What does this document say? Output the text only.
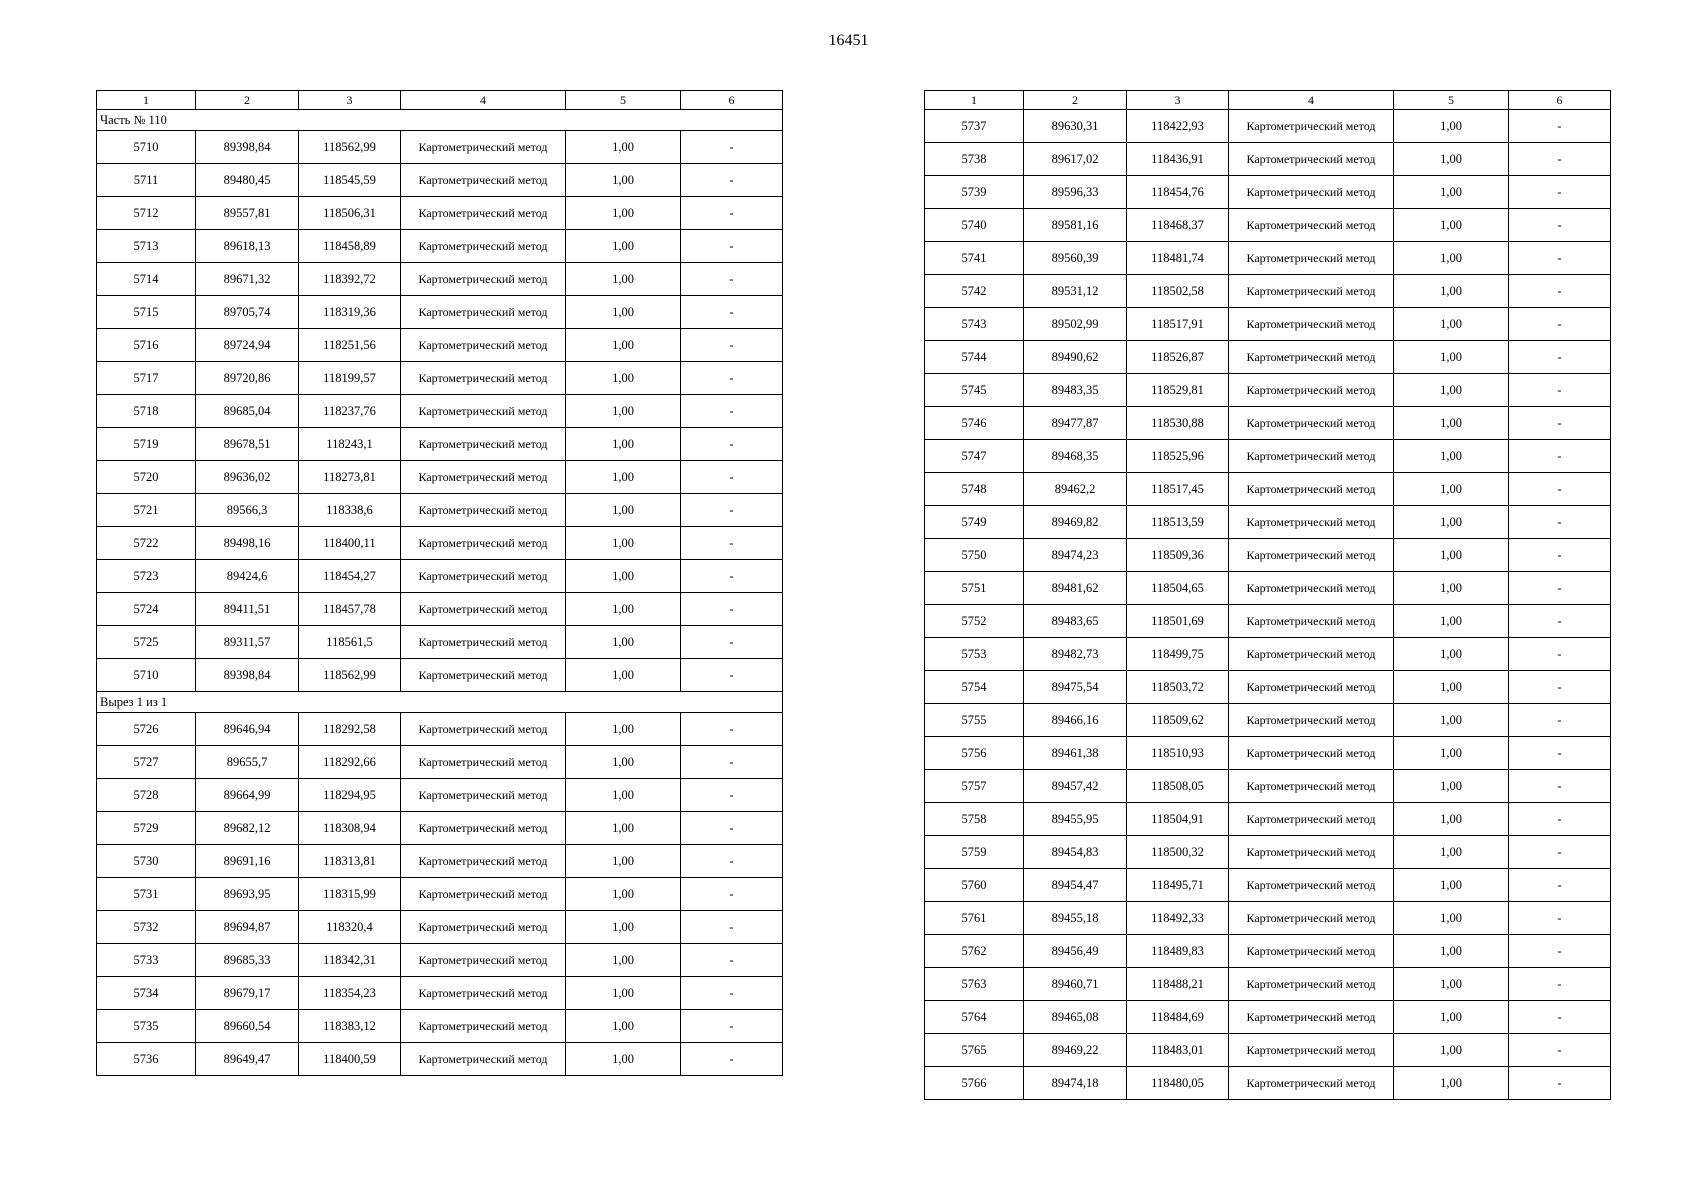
16451
1	2	3	4	5	6
Часть № 110					
5710	89398,84	118562,99	Картометрический метод	1,00	-
5711	89480,45	118545,59	Картометрический метод	1,00	-
5712	89557,81	118506,31	Картометрический метод	1,00	-
5713	89618,13	118458,89	Картометрический метод	1,00	-
5714	89671,32	118392,72	Картометрический метод	1,00	-
5715	89705,74	118319,36	Картометрический метод	1,00	-
5716	89724,94	118251,56	Картометрический метод	1,00	-
5717	89720,86	118199,57	Картометрический метод	1,00	-
5718	89685,04	118237,76	Картометрический метод	1,00	-
5719	89678,51	118243,1	Картометрический метод	1,00	-
5720	89636,02	118273,81	Картометрический метод	1,00	-
5721	89566,3	118338,6	Картометрический метод	1,00	-
5722	89498,16	118400,11	Картометрический метод	1,00	-
5723	89424,6	118454,27	Картометрический метод	1,00	-
5724	89411,51	118457,78	Картометрический метод	1,00	-
5725	89311,57	118561,5	Картометрический метод	1,00	-
5710	89398,84	118562,99	Картометрический метод	1,00	-
Вырез 1 из 1					
5726	89646,94	118292,58	Картометрический метод	1,00	-
5727	89655,7	118292,66	Картометрический метод	1,00	-
5728	89664,99	118294,95	Картометрический метод	1,00	-
5729	89682,12	118308,94	Картометрический метод	1,00	-
5730	89691,16	118313,81	Картометрический метод	1,00	-
5731	89693,95	118315,99	Картометрический метод	1,00	-
5732	89694,87	118320,4	Картометрический метод	1,00	-
5733	89685,33	118342,31	Картометрический метод	1,00	-
5734	89679,17	118354,23	Картометрический метод	1,00	-
5735	89660,54	118383,12	Картометрический метод	1,00	-
5736	89649,47	118400,59	Картометрический метод	1,00	-
1	2	3	4	5	6
5737	89630,31	118422,93	Картометрический метод	1,00	-
5738	89617,02	118436,91	Картометрический метод	1,00	-
5739	89596,33	118454,76	Картометрический метод	1,00	-
5740	89581,16	118468,37	Картометрический метод	1,00	-
5741	89560,39	118481,74	Картометрический метод	1,00	-
5742	89531,12	118502,58	Картометрический метод	1,00	-
5743	89502,99	118517,91	Картометрический метод	1,00	-
5744	89490,62	118526,87	Картометрический метод	1,00	-
5745	89483,35	118529,81	Картометрический метод	1,00	-
5746	89477,87	118530,88	Картометрический метод	1,00	-
5747	89468,35	118525,96	Картометрический метод	1,00	-
5748	89462,2	118517,45	Картометрический метод	1,00	-
5749	89469,82	118513,59	Картометрический метод	1,00	-
5750	89474,23	118509,36	Картометрический метод	1,00	-
5751	89481,62	118504,65	Картометрический метод	1,00	-
5752	89483,65	118501,69	Картометрический метод	1,00	-
5753	89482,73	118499,75	Картометрический метод	1,00	-
5754	89475,54	118503,72	Картометрический метод	1,00	-
5755	89466,16	118509,62	Картометрический метод	1,00	-
5756	89461,38	118510,93	Картометрический метод	1,00	-
5757	89457,42	118508,05	Картометрический метод	1,00	-
5758	89455,95	118504,91	Картометрический метод	1,00	-
5759	89454,83	118500,32	Картометрический метод	1,00	-
5760	89454,47	118495,71	Картометрический метод	1,00	-
5761	89455,18	118492,33	Картометрический метод	1,00	-
5762	89456,49	118489,83	Картометрический метод	1,00	-
5763	89460,71	118488,21	Картометрический метод	1,00	-
5764	89465,08	118484,69	Картометрический метод	1,00	-
5765	89469,22	118483,01	Картометрический метод	1,00	-
5766	89474,18	118480,05	Картометрический метод	1,00	-
